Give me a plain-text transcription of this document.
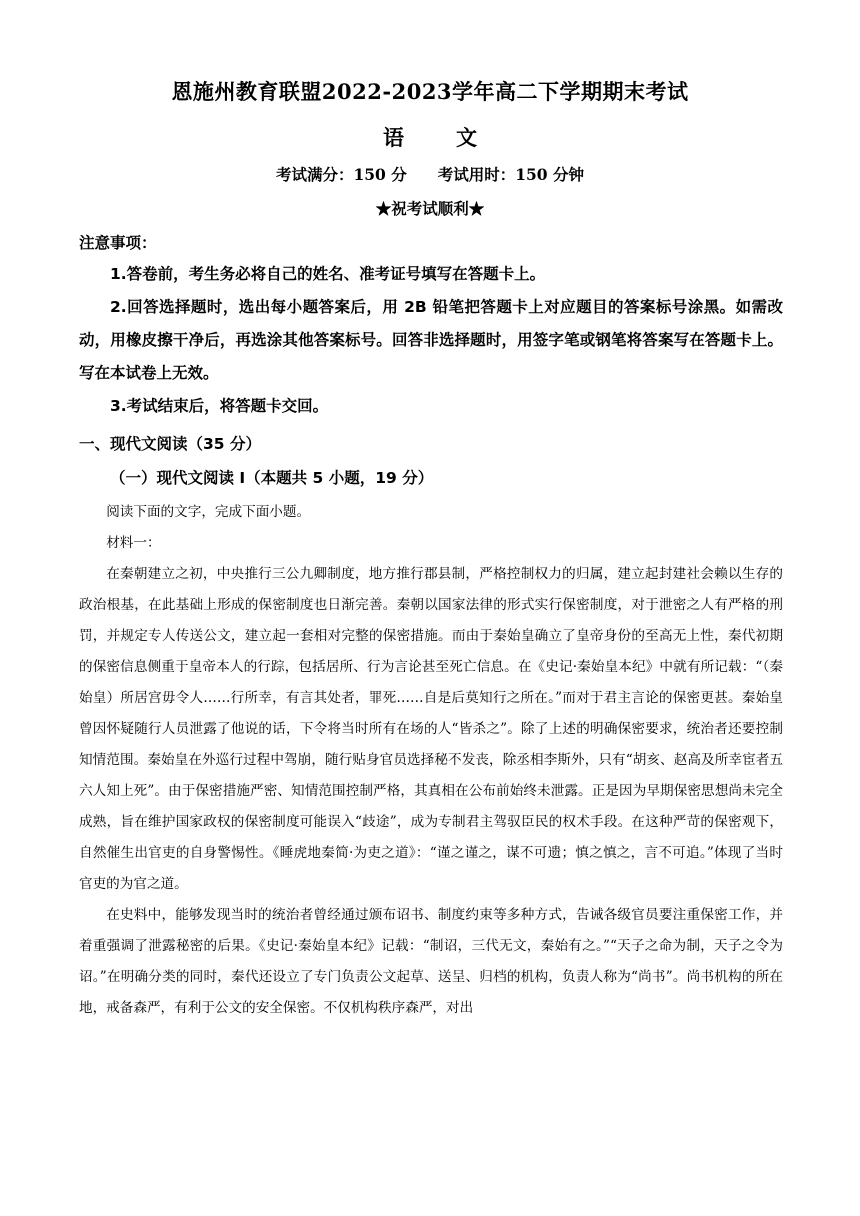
恩施州教育联盟2022-2023学年高二下学期期末考试
语 文
考试满分：150 分　　考试用时：150 分钟
★祝考试顺利★
注意事项：

1.答卷前，考生务必将自己的姓名、准考证号填写在答题卡上。

2.回答选择题时，选出每小题答案后，用 2B 铅笔把答题卡上对应题目的答案标号涂黑。如需改动，用橡皮擦干净后，再选涂其他答案标号。回答非选择题时，用签字笔或钢笔将答案写在答题卡上。写在本试卷上无效。

3.考试结束后，将答题卡交回。

一、现代文阅读（35 分）
（一）现代文阅读 I（本题共 5 小题，19 分）

阅读下面的文字，完成下面小题。

材料一：

在秦朝建立之初，中央推行三公九卿制度，地方推行郡县制，严格控制权力的归属，建立起封建社会赖以生存的政治根基，在此基础上形成的保密制度也日渐完善。秦朝以国家法律的形式实行保密制度，对于泄密之人有严格的刑罚，并规定专人传送公文，建立起一套相对完整的保密措施。而由于秦始皇确立了皇帝身份的至高无上性，秦代初期的保密信息侧重于皇帝本人的行踪，包括居所、行为言论甚至死亡信息。在《史记·秦始皇本纪》中就有所记载：“（秦始皇）所居宫毋令人……行所幸，有言其处者，罪死……自是后莫知行之所在。”而对于君主言论的保密更甚。秦始皇曾因怀疑随行人员泄露了他说的话，下令将当时所有在场的人“皆杀之”。除了上述的明确保密要求，统治者还要控制知情范围。秦始皇在外巡行过程中驾崩，随行贴身官员选择秘不发丧，除丞相李斯外，只有“胡亥、赵高及所幸宦者五六人知上死”。由于保密措施严密、知情范围控制严格，其真相在公布前始终未泄露。正是因为早期保密思想尚未完全成熟，旨在维护国家政权的保密制度可能误入“歧途”，成为专制君主驾驭臣民的权术手段。在这种严苛的保密观下，自然催生出官吏的自身警惕性。《睡虎地秦简·为吏之道》：“谨之谨之，谋不可遗；慎之慎之，言不可追。”体现了当时官吏的为官之道。

在史料中，能够发现当时的统治者曾经通过颁布诏书、制度约束等多种方式，告诫各级官员要注重保密工作，并着重强调了泄露秘密的后果。《史记·秦始皇本纪》记载：“制诏，三代无文，秦始有之。”“天子之命为制，天子之令为诏。”在明确分类的同时，秦代还设立了专门负责公文起草、送呈、归档的机构，负责人称为“尚书”。尚书机构的所在地，戒备森严，有利于公文的安全保密。不仅机构秩序森严，对出
